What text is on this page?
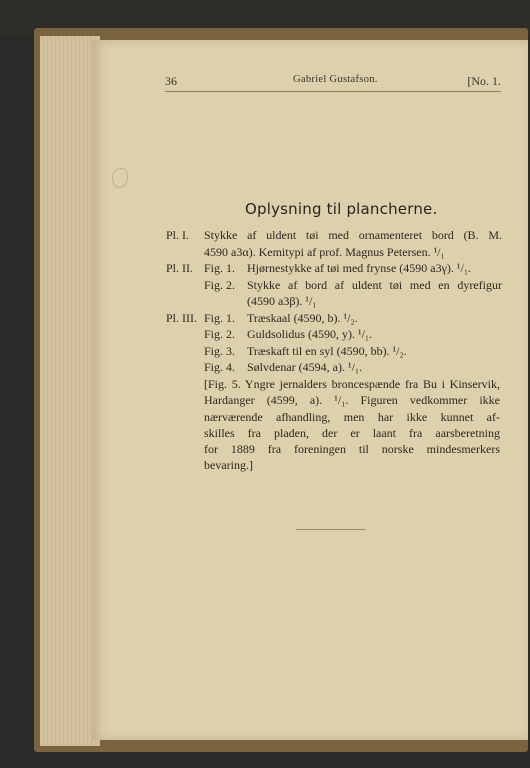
36	Gabriel Gustafson.	[No. 1.
Oplysning til plancherne.
Pl. I. Stykke af uldent tøi med ornamenteret bord (B. M.
4590 a3α). Kemitypi af prof. Magnus Petersen. ¹/₁
Pl. II. Fig. 1. Hjørnestykke af tøi med frynse (4590 a3γ). ¹/₁.
Fig. 2. Stykke af bord af uldent tøi med en dyrefigur
(4590 a3β). ¹/₁
Pl. III. Fig. 1. Træskaal (4590, b). ¹/₂.
Fig. 2. Guldsolidus (4590, y). ¹/₁.
Fig. 3. Træskaft til en syl (4590, bb). ¹/₂.
Fig. 4. Sølvdenar (4594, a). ¹/₁.
[Fig. 5. Yngre jernalders broncespænde fra Bu i Kinservik,
Hardanger (4599, a). ¹/₁. Figuren vedkommer ikke
nærværende afhandling, men har ikke kunnet af-
skilles fra pladen, der er laant fra aarsberetning
for 1889 fra foreningen til norske mindesmerkers
bevaring.]
